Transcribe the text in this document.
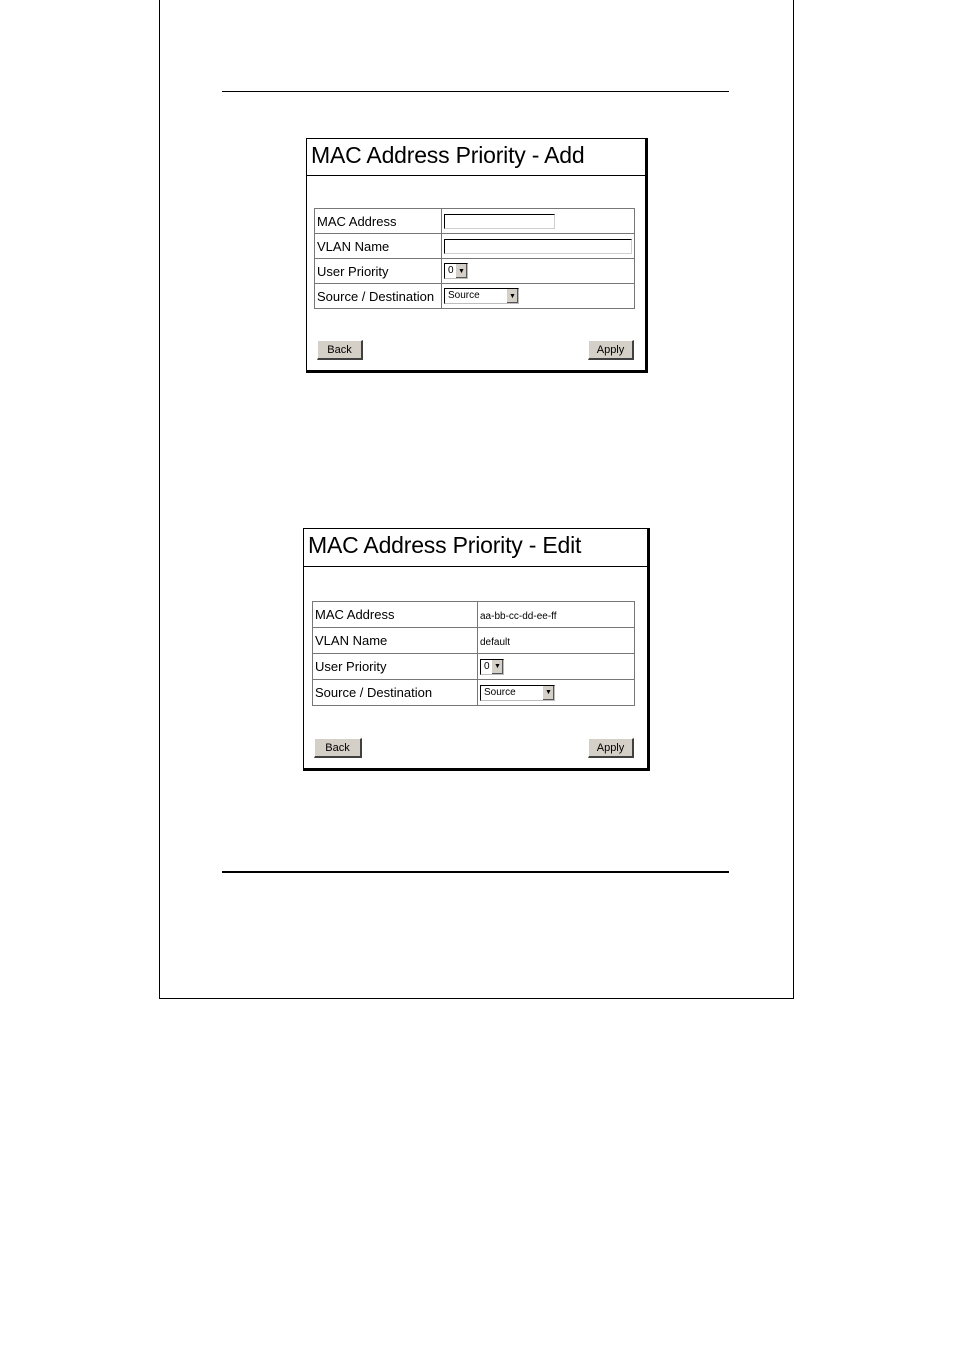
MAC Address Priority - Add
MAC Address	
VLAN Name	
User Priority	0 ▼

Source / Destination	Source ▼
Back	Apply
MAC Address Priority - Edit
MAC Address	aa-bb-cc-dd-ee-ff
VLAN Name	default
User Priority	0 ▼

Source / Destination	Source ▼
Back	Apply
